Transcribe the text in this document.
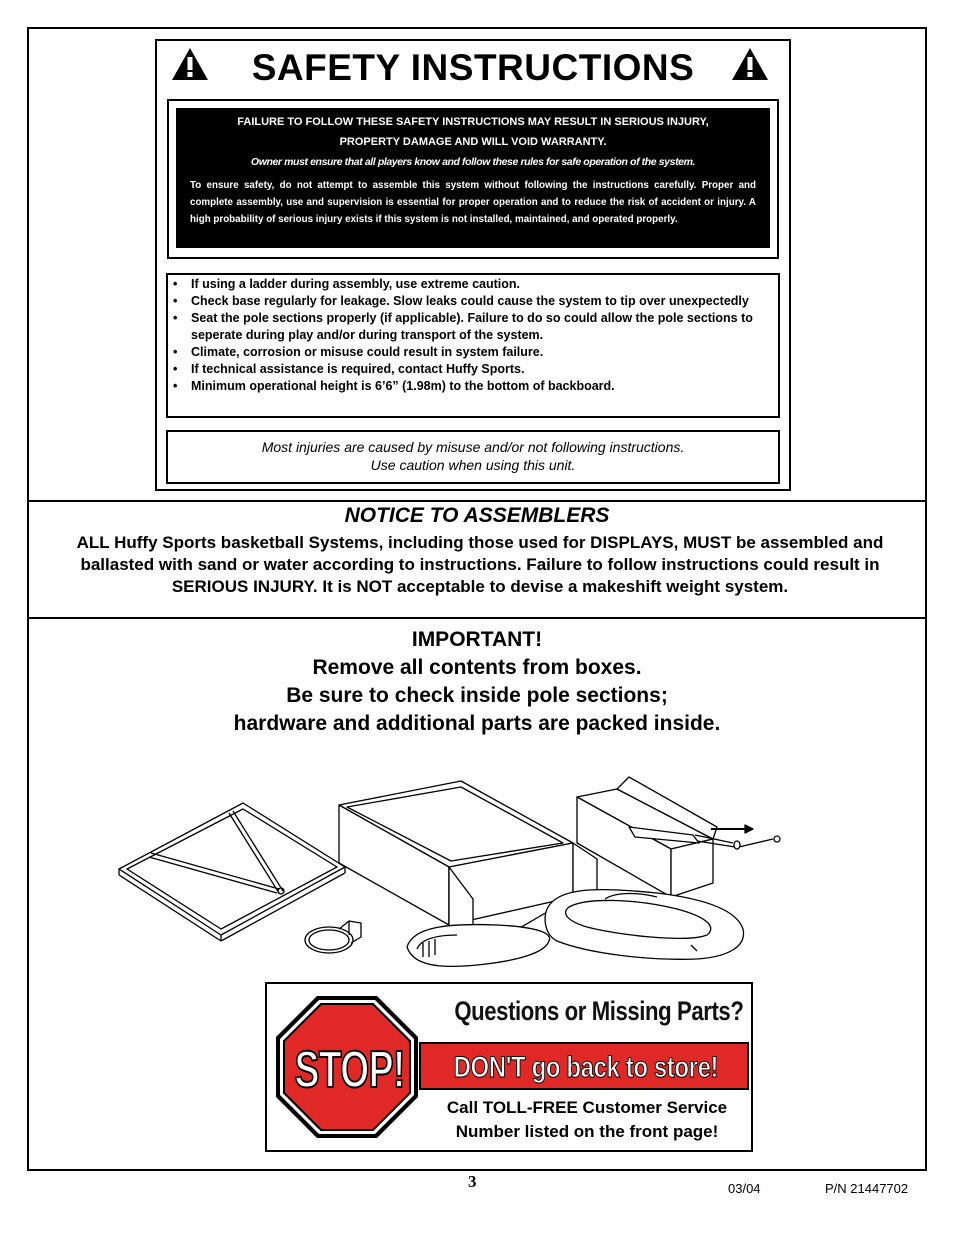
SAFETY INSTRUCTIONS
FAILURE TO FOLLOW THESE SAFETY INSTRUCTIONS MAY RESULT IN SERIOUS INJURY,
PROPERTY DAMAGE AND WILL VOID WARRANTY.
Owner must ensure that all players know and follow these rules for safe operation of the system.
To ensure safety, do not attempt to assemble this system without following the instructions carefully. Proper and complete assembly, use and supervision is essential for proper operation and to reduce the risk of accident or injury. A high probability of serious injury exists if this system is not installed, maintained, and operated properly.
• If using a ladder during assembly, use extreme caution.
• Check base regularly for leakage. Slow leaks could cause the system to tip over unexpectedly
• Seat the pole sections properly (if applicable). Failure to do so could allow the pole sections to seperate during play and/or during transport of the system.
• Climate, corrosion or misuse could result in system failure.
• If technical assistance is required, contact Huffy Sports.
• Minimum operational height is 6’6” (1.98m) to the bottom of backboard.
Most injuries are caused by misuse and/or not following instructions.
Use caution when using this unit.
NOTICE TO ASSEMBLERS
ALL Huffy Sports basketball Systems, including those used for DISPLAYS, MUST be assembled and ballasted with sand or water according to instructions. Failure to follow instructions could result in SERIOUS INJURY. It is NOT acceptable to devise a makeshift weight system.
IMPORTANT!
Remove all contents from boxes.
Be sure to check inside pole sections;
hardware and additional parts are packed inside.
STOP!
Questions or Missing Parts?
DON'T go back to store!
Call TOLL-FREE Customer Service
Number listed on the front page!
3	03/04	P/N 21447702
